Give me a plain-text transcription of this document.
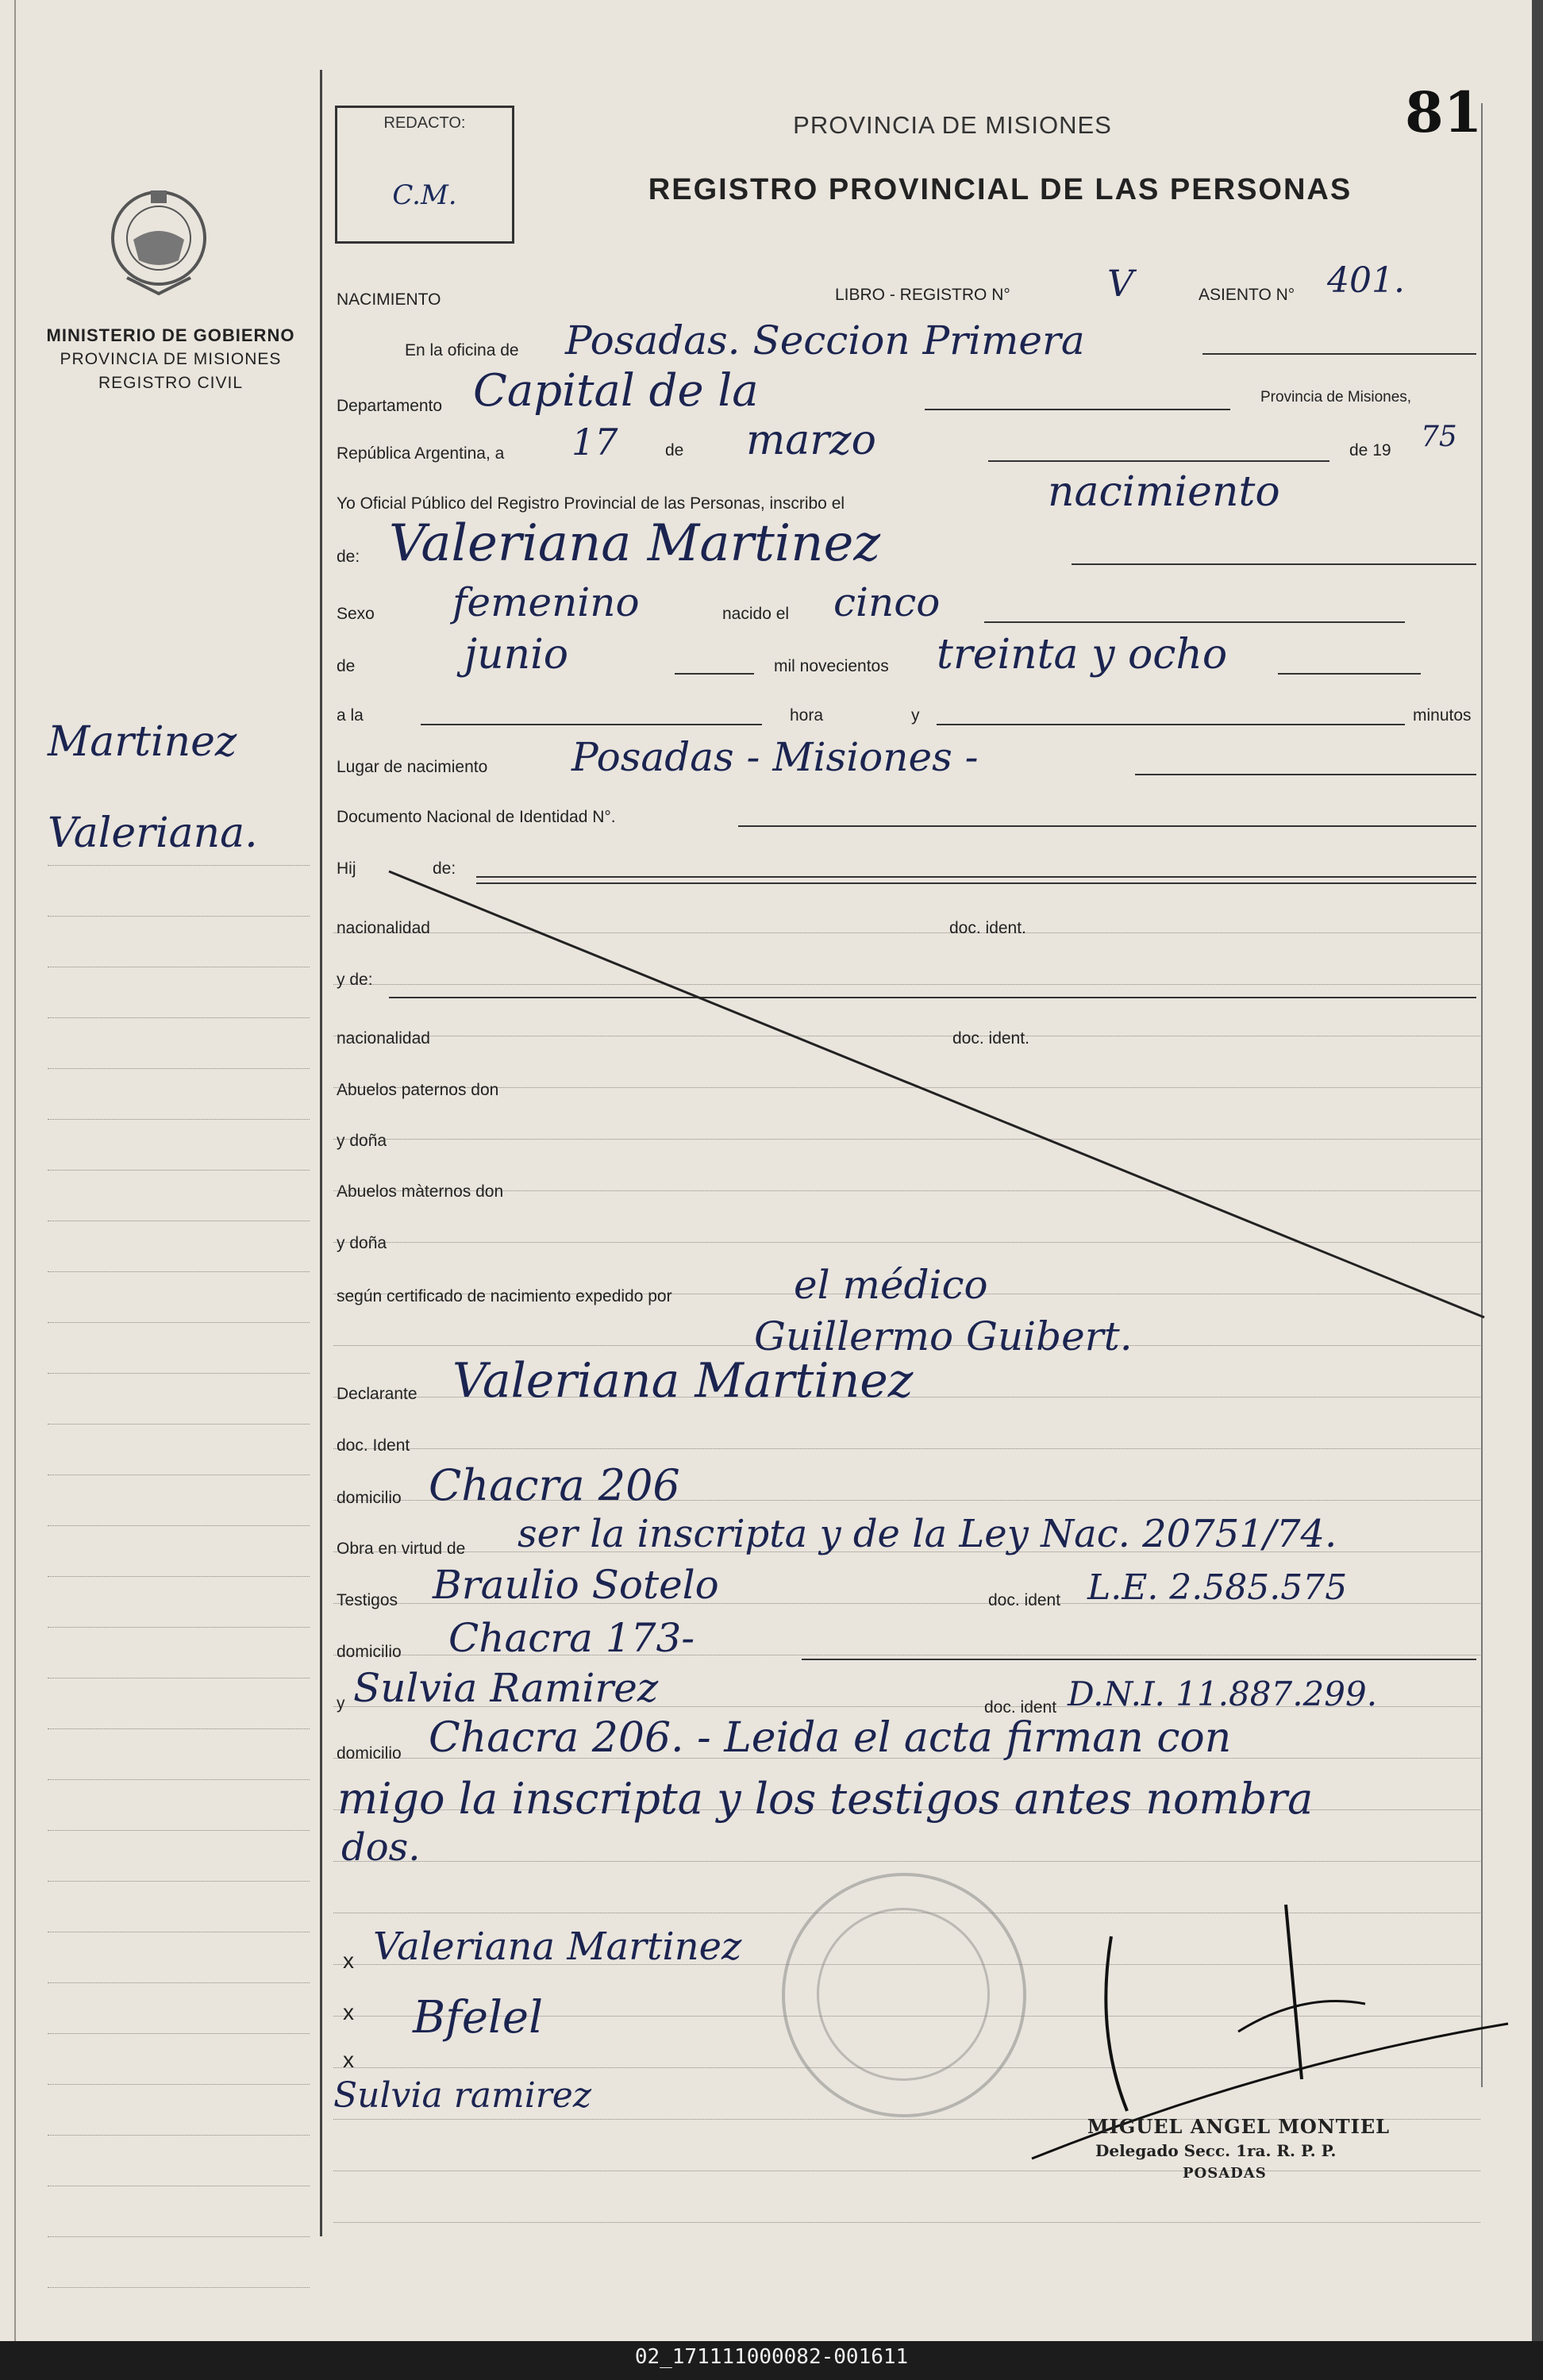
MINISTERIO DE GOBIERNO
PROVINCIA DE MISIONES
REGISTRO CIVIL
Martinez
Valeriana.
REDACTO:
C.M.
PROVINCIA DE MISIONES
REGISTRO PROVINCIAL DE LAS PERSONAS
81
NACIMIENTO	LIBRO - REGISTRO N°	V	ASIENTO N° 401.
En la oficina de Posadas. Seccion Primera
Departamento Capital de la	Provincia de Misiones,
República Argentina, a 17	de marzo	de 19 75
Yo Oficial Público del Registro Provincial de las Personas, inscribo el	nacimiento
de: Valeriana Martinez
Sexo femenino	nacido el cinco
de	junio	mil novecientos treinta y ocho
a la	hora	y	minutos
Lugar de nacimiento Posadas - Misiones -
Documento Nacional de Identidad N°.
Hij	de:
nacionalidad	doc. ident.
y de:
nacionalidad	doc. ident.
Abuelos paternos don
y doña
Abuelos màternos don
y doña
según certificado de nacimiento expedido por	el médico
Guillermo Guibert.
Declarante Valeriana Martinez
doc. Ident
domicilio Chacra 206
Obra en virtud de ser la inscripta y de la Ley Nac. 20751/74.
Testigos Braulio Sotelo	doc. ident L.E. 2.585.575
domicilio Chacra 173-
y Sulvia Ramirez	doc. ident D.N.I. 11.887.299.
domicilio Chacra 206. - Leida el acta firman con
migo la inscripta y los testigos antes nombra
dos.
x Valeriana Martinez
x Bfelel
x
Sulvia ramirez
MIGUEL ANGEL MONTIEL
Delegado Secc. 1ra. R. P. P.
POSADAS
02_171111000082-001611
